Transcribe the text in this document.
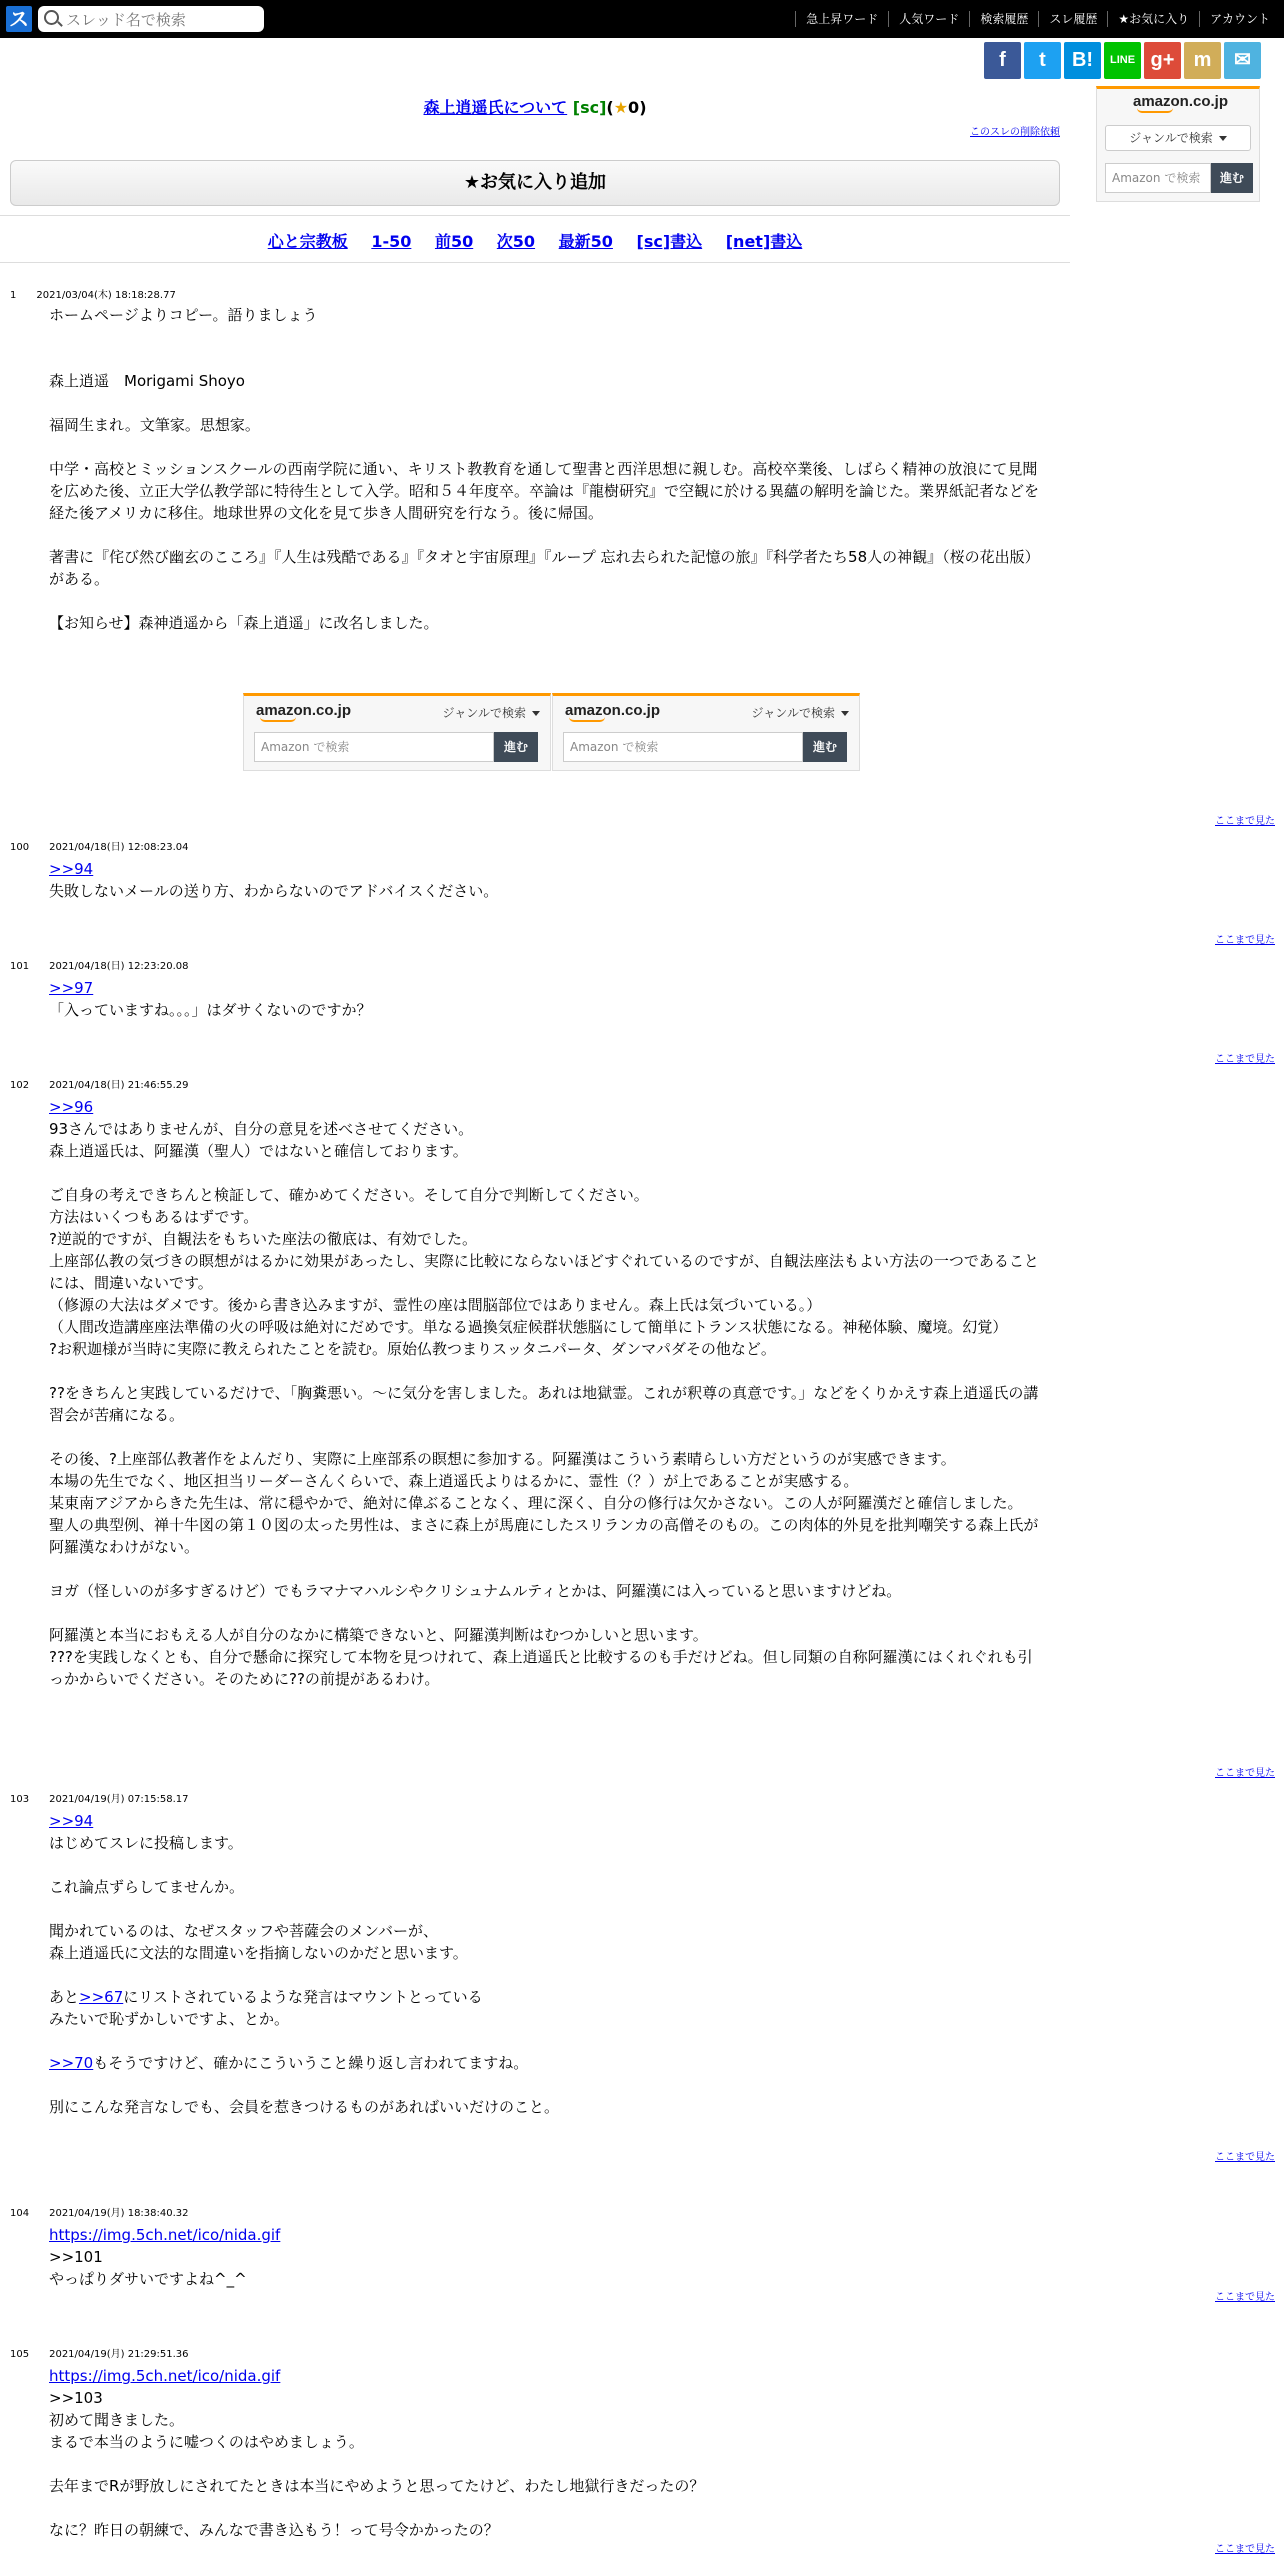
ス
スレッド名で検索	急上昇ワード	人気ワード	検索履歴	スレ履歴	★お気に入り	アカウント
f	t	B!	LINE g+ m	✉
amazon.co.jp
ジャンルで検索
Amazon で検索	進む
森上逍遥氏について [sc](★0)
このスレの削除依頼
★お気に入り追加
心と宗教板 1-50 前50 次50 最新50 [sc]書込 [net]書込
amazon.co.jp	ジャンルで検索
Amazon で検索	進む
amazon.co.jp	ジャンルで検索
Amazon で検索	進む
1 2021/03/04(木) 18:18:28.77

ホームページよりコピー。語りましょう

森上逍遥　Morigami Shoyo

福岡生まれ。文筆家。思想家。

中学・高校とミッションスクールの西南学院に通い、キリスト教教育を通して聖書と西洋思想に親しむ。高校卒業後、しばらく精神の放浪にて見聞を広めた後、立正大学仏教学部に特待生として入学。昭和５４年度卒。卒論は『龍樹研究』で空観に於ける異蘊の解明を論じた。業界紙記者などを経た後アメリカに移住。地球世界の文化を見て歩き人間研究を行なう。後に帰国。

著書に『侘び然び幽玄のこころ』『人生は残酷である』『タオと宇宙原理』『ループ 忘れ去られた記憶の旅』『科学者たち58人の神観』（桜の花出版）がある。

【お知らせ】森神逍遥から「森上逍遥」に改名しました。

100 2021/04/18(日) 12:08:23.04

>>94

失敗しないメールの送り方、わからないのでアドバイスください。

101 2021/04/18(日) 12:23:20.08

>>97

「入っていますね。。。」はダサくないのですか？

102 2021/04/18(日) 21:46:55.29

>>96

93さんではありませんが、自分の意見を述べさせてください。

森上逍遥氏は、阿羅漢（聖人）ではないと確信しております。

ご自身の考えできちんと検証して、確かめてください。そして自分で判断してください。

方法はいくつもあるはずです。

?逆説的ですが、自観法をもちいた座法の徹底は、有効でした。

上座部仏教の気づきの瞑想がはるかに効果があったし、実際に比較にならないほどすぐれているのですが、自観法座法もよい方法の一つであることには、間違いないです。

（修源の大法はダメです。後から書き込みますが、霊性の座は間脳部位ではありません。森上氏は気づいている。）

（人間改造講座座法準備の火の呼吸は絶対にだめです。単なる過換気症候群状態脳にして簡単にトランス状態になる。神秘体験、魔境。幻覚）

?お釈迦様が当時に実際に教えられたことを読む。原始仏教つまりスッタニパータ、ダンマパダその他など。

??をきちんと実践しているだけで、「胸糞悪い。〜に気分を害しました。あれは地獄霊。これが釈尊の真意です。」などをくりかえす森上逍遥氏の講習会が苦痛になる。

その後、?上座部仏教著作をよんだり、実際に上座部系の瞑想に参加する。阿羅漢はこういう素晴らしい方だというのが実感できます。

本場の先生でなく、地区担当リーダーさんくらいで、森上逍遥氏よりはるかに、霊性（？）が上であることが実感する。

某東南アジアからきた先生は、常に穏やかで、絶対に偉ぶることなく、理に深く、自分の修行は欠かさない。この人が阿羅漢だと確信しました。

聖人の典型例、禅十牛図の第１０図の太った男性は、まさに森上が馬鹿にしたスリランカの高僧そのもの。この肉体的外見を批判嘲笑する森上氏が阿羅漢なわけがない。

ヨガ（怪しいのが多すぎるけど）でもラマナマハルシやクリシュナムルティとかは、阿羅漢には入っていると思いますけどね。

阿羅漢と本当におもえる人が自分のなかに構築できないと、阿羅漢判断はむつかしいと思います。

???を実践しなくとも、自分で懸命に探究して本物を見つけれて、森上逍遥氏と比較するのも手だけどね。但し同類の自称阿羅漢にはくれぐれも引っかからいでください。そのために??の前提があるわけ。

103 2021/04/19(月) 07:15:58.17

>>94

はじめてスレに投稿します。

これ論点ずらしてませんか。

聞かれているのは、なぜスタッフや菩薩会のメンバーが、

森上逍遥氏に文法的な間違いを指摘しないのかだと思います。

あと>>67にリストされているような発言はマウントとっている

みたいで恥ずかしいですよ、とか。

>>70もそうですけど、確かにこういうこと繰り返し言われてますね。

別にこんな発言なしでも、会員を惹きつけるものがあればいいだけのこと。

104 2021/04/19(月) 18:38:40.32

https://img.5ch.net/ico/nida.gif

>>101

やっぱりダサいですよね^_^

105 2021/04/19(月) 21:29:51.36

https://img.5ch.net/ico/nida.gif

>>103

初めて聞きました。

まるで本当のように嘘つくのはやめましょう。

去年までRが野放しにされてたときは本当にやめようと思ってたけど、わたし地獄行きだったの？

なに？昨日の朝練で、みんなで書き込もう！って号令かかったの？

ここまで見た
ここまで見た
ここまで見た
ここまで見た
ここまで見た
ここまで見た
ここまで見た
